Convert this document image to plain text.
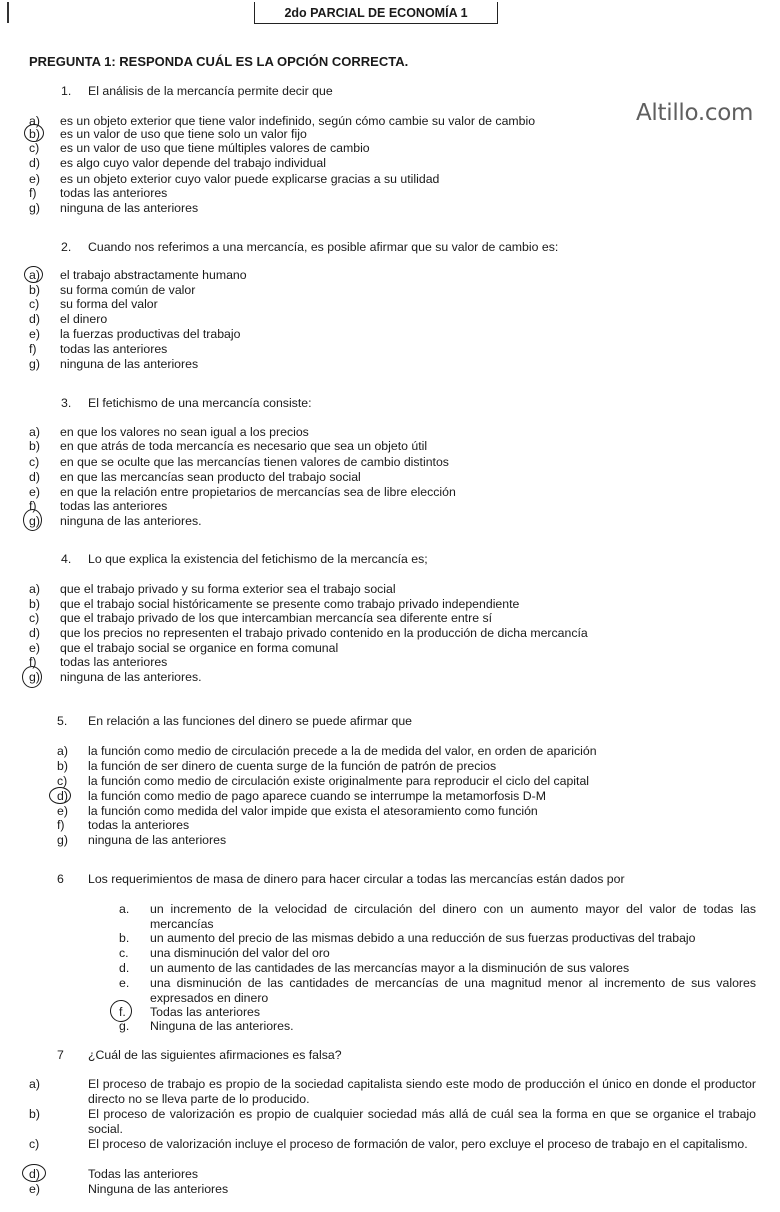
2do PARCIAL DE ECONOMÍA 1
PREGUNTA 1: RESPONDA CUÁL ES LA OPCIÓN CORRECTA.
Altillo.com
1. El análisis de la mercancía permite decir que
a) es un objeto exterior que tiene valor indefinido, según cómo cambie su valor de cambio
b) es un valor de uso que tiene solo un valor fijo
c) es un valor de uso que tiene múltiples valores de cambio
d) es algo cuyo valor depende del trabajo individual
e) es un objeto exterior cuyo valor puede explicarse gracias a su utilidad
f) todas las anteriores
g) ninguna de las anteriores
2. Cuando nos referimos a una mercancía, es posible afirmar que su valor de cambio es:
a) el trabajo abstractamente humano
b) su forma común de valor
c) su forma del valor
d) el dinero
e) la fuerzas productivas del trabajo
f) todas las anteriores
g) ninguna de las anteriores
3. El fetichismo de una mercancía consiste:
a) en que los valores no sean igual a los precios
b) en que atrás de toda mercancía es necesario que sea un objeto útil
c) en que se oculte que las mercancías tienen valores de cambio distintos
d) en que las mercancías sean producto del trabajo social
e) en que la relación entre propietarios de mercancías sea de libre elección
f) todas las anteriores
g) ninguna de las anteriores.
4. Lo que explica la existencia del fetichismo de la mercancía es;
a) que el trabajo privado y su forma exterior sea el trabajo social
b) que el trabajo social históricamente se presente como trabajo privado independiente
c) que el trabajo privado de los que intercambian mercancía sea diferente entre sí
d) que los precios no representen el trabajo privado contenido en la producción de dicha mercancía
e) que el trabajo social se organice en forma comunal
f) todas las anteriores
g) ninguna de las anteriores.
5. En relación a las funciones del dinero se puede afirmar que
a) la función como medio de circulación precede a la de medida del valor, en orden de aparición
b) la función de ser dinero de cuenta surge de la función de patrón de precios
c) la función como medio de circulación existe originalmente para reproducir el ciclo del capital
d) la función como medio de pago aparece cuando se interrumpe la metamorfosis D-M
e) la función como medida del valor impide que exista el atesoramiento como función
f) todas la anteriores
g) ninguna de las anteriores
6 Los requerimientos de masa de dinero para hacer circular a todas las mercancías están dados por
a. un incremento de la velocidad de circulación del dinero con un aumento mayor del valor de todas las mercancías
b. un aumento del precio de las mismas debido a una reducción de sus fuerzas productivas del trabajo
c. una disminución del valor del oro
d. un aumento de las cantidades de las mercancías mayor a la disminución de sus valores
e. una disminución de las cantidades de mercancías de una magnitud menor al incremento de sus valores expresados en dinero
f. Todas las anteriores
g. Ninguna de las anteriores.
7 ¿Cuál de las siguientes afirmaciones es falsa?
a)	El proceso de trabajo es propio de la sociedad capitalista siendo este modo de producción el único en donde el productor directo no se lleva parte de lo producido.
b)	El proceso de valorización es propio de cualquier sociedad más allá de cuál sea la forma en que se organice el trabajo social.
c)	El proceso de valorización incluye el proceso de formación de valor, pero excluye el proceso de trabajo en el capitalismo.
d)	Todas las anteriores
e)	Ninguna de las anteriores
